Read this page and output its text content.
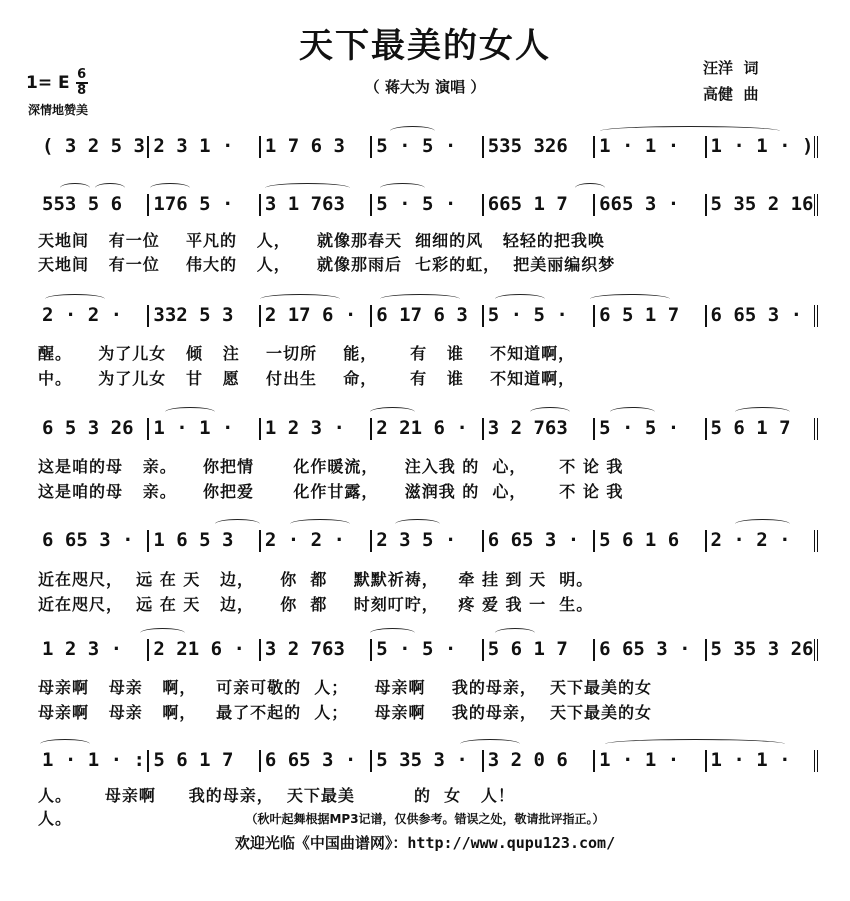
天下最美的女人
（ 蒋大为 演唱 ）
1= E $\frac{6}{8}$
深情地赞美
汪洋  词
高健  曲
( 3 2 5 3 2 3 1 ·	1 7 6 3	5 · 5 ·	535 326	1 · 1 ·	1 · 1 · )
553 5 6	176 5 ·	3 1 763	5 · 5 ·	665 1 7	665 3 ·	5 35 2 16
天地间   有一位    平凡的   人，    就像那春天  细细的风   轻轻的把我唤
天地间   有一位    伟大的   人，    就像那雨后  七彩的虹，  把美丽编织梦
2 · 2 ·	332 5 3	2 17 6 ·	6 17 6 3	5 · 5 ·	6 5 1 7	6 65 3 ·
醒。    为了儿女   倾   注    一切所    能，     有   谁    不知道啊，
中。    为了儿女   甘   愿    付出生    命，     有   谁    不知道啊，
6 5 3 26	1 · 1 ·	1 2 3 ·	2 21 6 ·	3 2 763	5 · 5 ·	5 6 1 7
这是咱的母   亲。    你把情      化作暖流，    注入我 的  心，     不 论 我
这是咱的母   亲。    你把爱      化作甘露，    滋润我 的  心，     不 论 我
6 65 3 ·	1 6 5 3	2 · 2 ·	2 3 5 ·	6 65 3 ·	5 6 1 6	2 · 2 ·
近在咫尺，  远 在 天   边，    你  都    默默祈祷，   牵 挂 到 天  明。
近在咫尺，  远 在 天   边，    你  都    时刻叮咛，   疼 爱 我 一  生。
1 2 3 ·	2 21 6 ·	3 2 763	5 · 5 ·	5 6 1 7	6 65 3 ·	5 35 3 26
母亲啊   母亲   啊，   可亲可敬的  人；    母亲啊    我的母亲，  天下最美的女
母亲啊   母亲   啊，   最了不起的  人；    母亲啊    我的母亲，  天下最美的女
1 · 1 · : 5 6 1 7	6 65 3 ·	5 35 3 ·	3 2 0 6	1 · 1 ·	1 · 1 ·
人。     母亲啊     我的母亲，  天下最美         的  女   人！
人。	（秋叶起舞根据MP3记谱，仅供参考。错误之处，敬请批评指正。）
欢迎光临《中国曲谱网》：http://www.qupu123.com/
